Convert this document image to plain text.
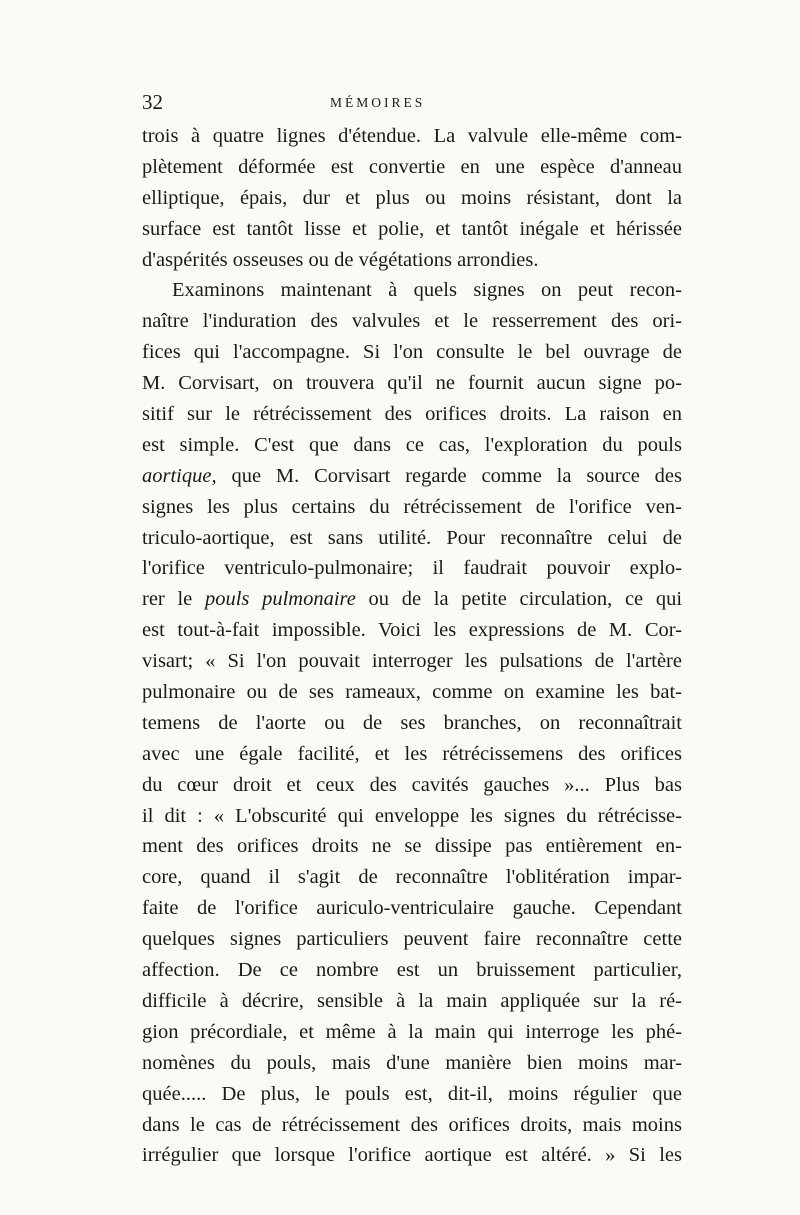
32	MÉMOIRES
trois à quatre lignes d'étendue. La valvule elle-même com-
plètement déformée est convertie en une espèce d'anneau
elliptique, épais, dur et plus ou moins résistant, dont la
surface est tantôt lisse et polie, et tantôt inégale et hérissée
d'aspérités osseuses ou de végétations arrondies.
Examinons maintenant à quels signes on peut recon-
naître l'induration des valvules et le resserrement des ori-
fices qui l'accompagne. Si l'on consulte le bel ouvrage de
M. Corvisart, on trouvera qu'il ne fournit aucun signe po-
sitif sur le rétrécissement des orifices droits. La raison en
est simple. C'est que dans ce cas, l'exploration du pouls
aortique, que M. Corvisart regarde comme la source des
signes les plus certains du rétrécissement de l'orifice ven-
triculo-aortique, est sans utilité. Pour reconnaître celui de
l'orifice ventriculo-pulmonaire; il faudrait pouvoir explo-
rer le pouls pulmonaire ou de la petite circulation, ce qui
est tout-à-fait impossible. Voici les expressions de M. Cor-
visart; « Si l'on pouvait interroger les pulsations de l'artère
pulmonaire ou de ses rameaux, comme on examine les bat-
temens de l'aorte ou de ses branches, on reconnaîtrait
avec une égale facilité, et les rétrécissemens des orifices
du cœur droit et ceux des cavités gauches »... Plus bas
il dit : « L'obscurité qui enveloppe les signes du rétrécisse-
ment des orifices droits ne se dissipe pas entièrement en-
core, quand il s'agit de reconnaître l'oblitération impar-
faite de l'orifice auriculo-ventriculaire gauche. Cependant
quelques signes particuliers peuvent faire reconnaître cette
affection. De ce nombre est un bruissement particulier,
difficile à décrire, sensible à la main appliquée sur la ré-
gion précordiale, et même à la main qui interroge les phé-
nomènes du pouls, mais d'une manière bien moins mar-
quée..... De plus, le pouls est, dit-il, moins régulier que
dans le cas de rétrécissement des orifices droits, mais moins
irrégulier que lorsque l'orifice aortique est altéré. » Si les
